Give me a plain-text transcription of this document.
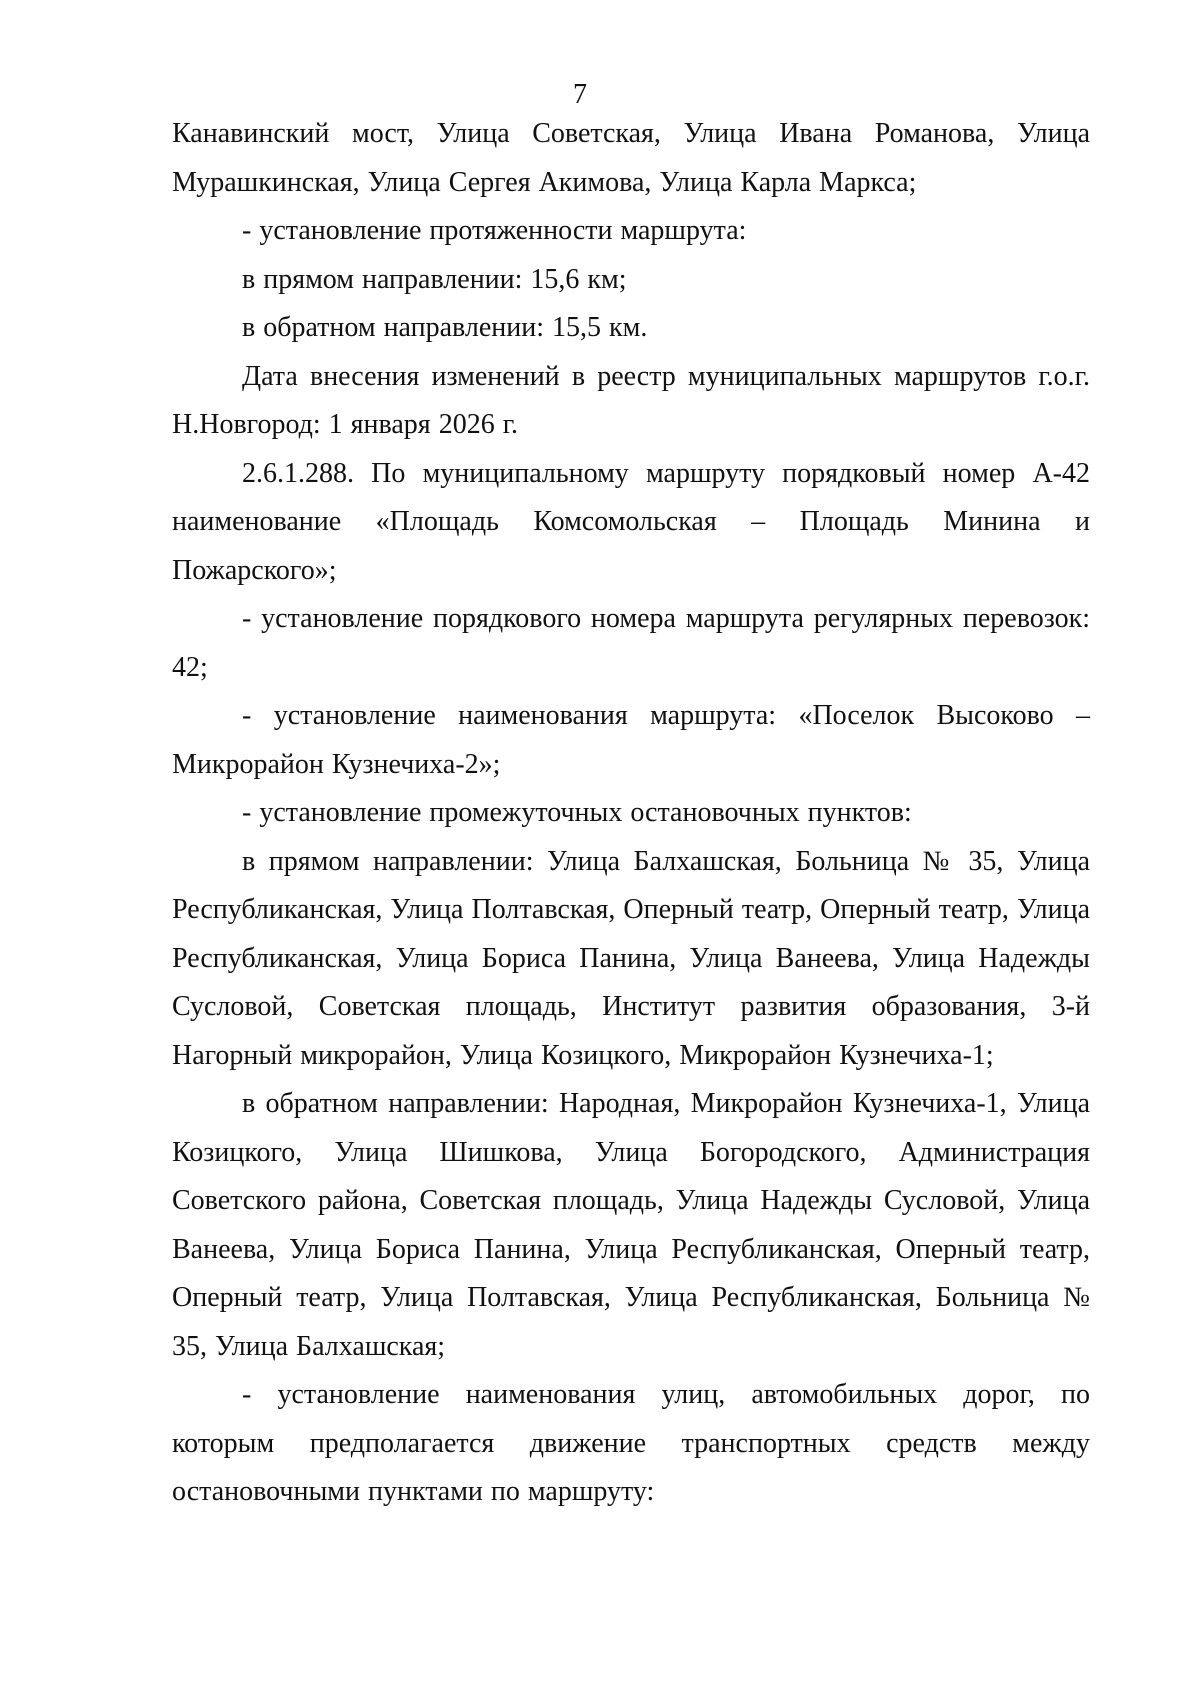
7

Канавинский мост, Улица Советская, Улица Ивана Романова, Улица Мурашкинская, Улица Сергея Акимова, Улица Карла Маркса;

- установление протяженности маршрута:

в прямом направлении: 15,6 км;

в обратном направлении: 15,5 км.

Дата внесения изменений в реестр муниципальных маршрутов г.о.г. Н.Новгород: 1 января 2026 г.

2.6.1.288. По муниципальному маршруту порядковый номер А-42 наименование «Площадь Комсомольская – Площадь Минина и Пожарского»;

- установление порядкового номера маршрута регулярных перевозок: 42;

- установление наименования маршрута: «Поселок Высоково – Микрорайон Кузнечиха-2»;

- установление промежуточных остановочных пунктов:

в прямом направлении: Улица Балхашская, Больница № 35, Улица Республиканская, Улица Полтавская, Оперный театр, Оперный театр, Улица Республиканская, Улица Бориса Панина, Улица Ванеева, Улица Надежды Сусловой, Советская площадь, Институт развития образования, 3-й Нагорный микрорайон, Улица Козицкого, Микрорайон Кузнечиха-1;

в обратном направлении: Народная, Микрорайон Кузнечиха-1, Улица Козицкого, Улица Шишкова, Улица Богородского, Администрация Советского района, Советская площадь, Улица Надежды Сусловой, Улица Ванеева, Улица Бориса Панина, Улица Республиканская, Оперный театр, Оперный театр, Улица Полтавская, Улица Республиканская, Больница № 35, Улица Балхашская;

- установление наименования улиц, автомобильных дорог, по которым предполагается движение транспортных средств между остановочными пунктами по маршруту:
